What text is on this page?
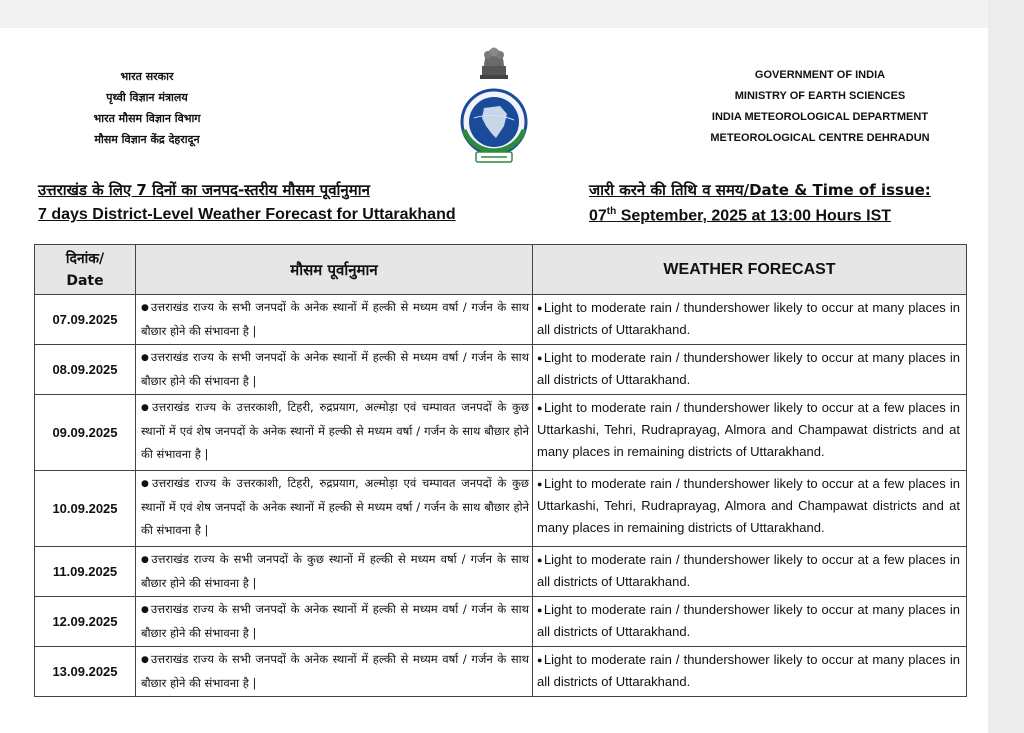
भारत सरकार
पृथ्वी विज्ञान मंत्रालय
भारत मौसम विज्ञान विभाग
मौसम विज्ञान केंद्र देहरादून
GOVERNMENT OF INDIA
MINISTRY OF EARTH SCIENCES
INDIA METEOROLOGICAL DEPARTMENT
METEOROLOGICAL CENTRE DEHRADUN
उत्तराखंड के लिए 7 दिनों का जनपद-स्तरीय मौसम पूर्वानुमान
7 days District-Level Weather Forecast for Uttarakhand
जारी करने की तिथि व समय/Date & Time of issue:
07th September, 2025 at 13:00 Hours IST
दिनांक/
Date	मौसम पूर्वानुमान	WEATHER FORECAST
07.09.2025	●उत्तराखंड राज्य के सभी जनपदों के अनेक स्थानों में हल्की से मध्यम वर्षा / गर्जन के साथ बौछार होने की संभावना है |	●Light to moderate rain / thundershower likely to occur at many places in all districts of Uttarakhand.
08.09.2025	●उत्तराखंड राज्य के सभी जनपदों के अनेक स्थानों में हल्की से मध्यम वर्षा / गर्जन के साथ बौछार होने की संभावना है |	●Light to moderate rain / thundershower likely to occur at many places in all districts of Uttarakhand.
09.09.2025	●उत्तराखंड राज्य के उत्तरकाशी, टिहरी, रुद्रप्रयाग, अल्मोड़ा एवं चम्पावत जनपदों के कुछ स्थानों में एवं शेष जनपदों के अनेक स्थानों में हल्की से मध्यम वर्षा / गर्जन के साथ बौछार होने की संभावना है |	●Light to moderate rain / thundershower likely to occur at a few places in Uttarkashi, Tehri, Rudraprayag, Almora and Champawat districts and at many places in remaining districts of Uttarakhand.
10.09.2025	●उत्तराखंड राज्य के उत्तरकाशी, टिहरी, रुद्रप्रयाग, अल्मोड़ा एवं चम्पावत जनपदों के कुछ स्थानों में एवं शेष जनपदों के अनेक स्थानों में हल्की से मध्यम वर्षा / गर्जन के साथ बौछार होने की संभावना है |	●Light to moderate rain / thundershower likely to occur at a few places in Uttarkashi, Tehri, Rudraprayag, Almora and Champawat districts and at many places in remaining districts of Uttarakhand.
11.09.2025	●उत्तराखंड राज्य के सभी जनपदों के कुछ स्थानों में हल्की से मध्यम वर्षा / गर्जन के साथ बौछार होने की संभावना है |	●Light to moderate rain / thundershower likely to occur at a few places in all districts of Uttarakhand.
12.09.2025	●उत्तराखंड राज्य के सभी जनपदों के अनेक स्थानों में हल्की से मध्यम वर्षा / गर्जन के साथ बौछार होने की संभावना है |	●Light to moderate rain / thundershower likely to occur at many places in all districts of Uttarakhand.
13.09.2025	●उत्तराखंड राज्य के सभी जनपदों के अनेक स्थानों में हल्की से मध्यम वर्षा / गर्जन के साथ बौछार होने की संभावना है |	●Light to moderate rain / thundershower likely to occur at many places in all districts of Uttarakhand.
